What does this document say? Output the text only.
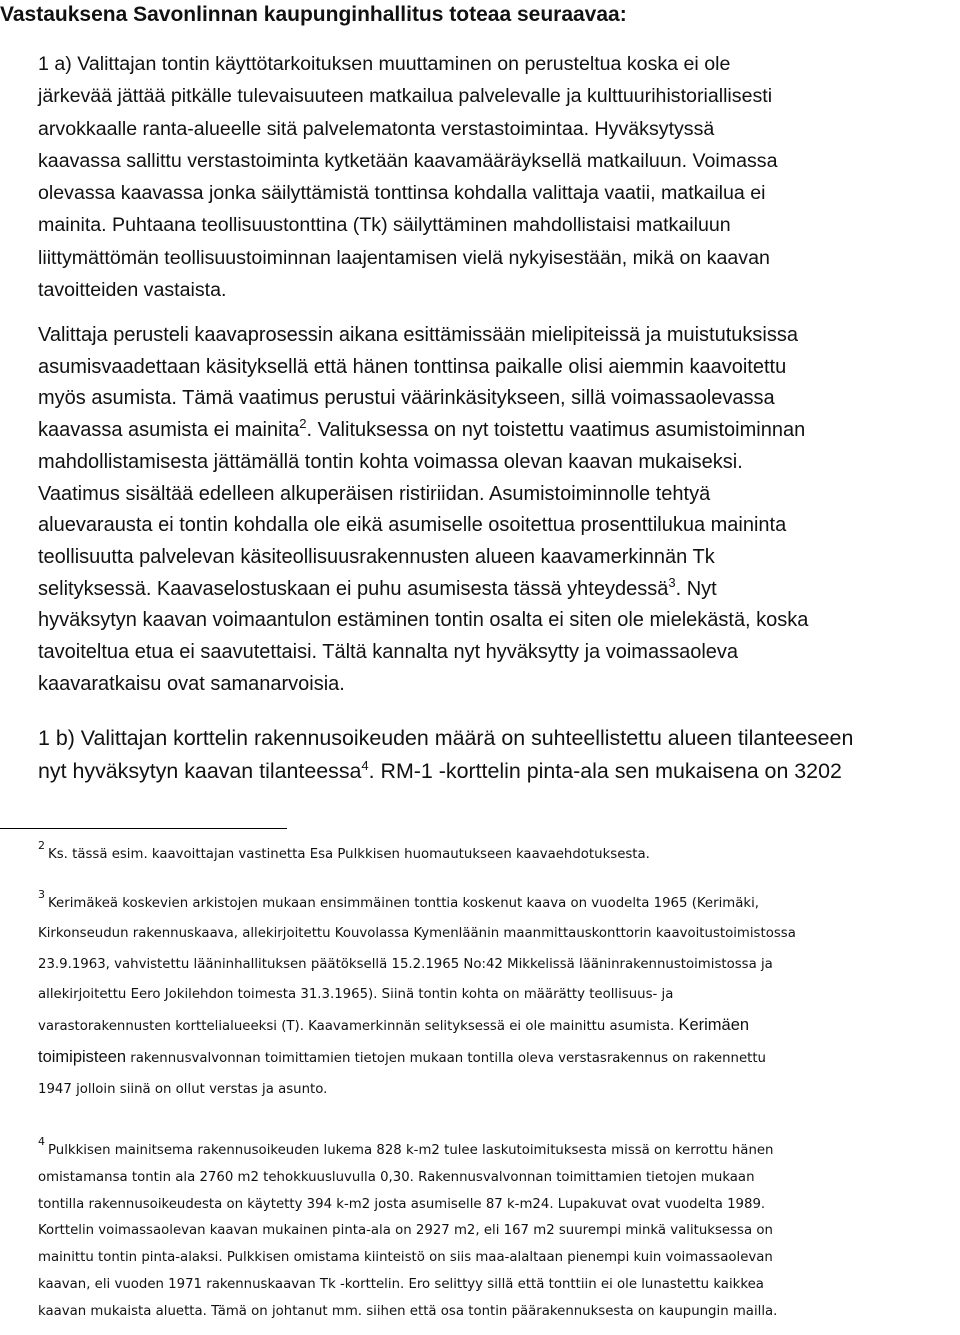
Vastauksena Savonlinnan kaupunginhallitus toteaa seuraavaa:
1 a) Valittajan tontin käyttötarkoituksen muuttaminen on perusteltua koska ei ole
järkevää jättää pitkälle tulevaisuuteen matkailua palvelevalle ja kulttuurihistoriallisesti
arvokkaalle ranta-alueelle sitä palvelematonta verstastoimintaa. Hyväksytyssä
kaavassa sallittu verstastoiminta kytketään kaavamääräyksellä matkailuun. Voimassa
olevassa kaavassa jonka säilyttämistä tonttinsa kohdalla valittaja vaatii, matkailua ei
mainita. Puhtaana teollisuustonttina (Tk) säilyttäminen mahdollistaisi matkailuun
liittymättömän teollisuustoiminnan laajentamisen vielä nykyisestään, mikä on kaavan
tavoitteiden vastaista.
Valittaja perusteli kaavaprosessin aikana esittämissään mielipiteissä ja muistutuksissa
asumisvaadettaan käsityksellä että hänen tonttinsa paikalle olisi aiemmin kaavoitettu
myös asumista. Tämä vaatimus perustui väärinkäsitykseen, sillä voimassaolevassa
kaavassa asumista ei mainita$^2$. Valituksessa on nyt toistettu vaatimus asumistoiminnan
mahdollistamisesta jättämällä tontin kohta voimassa olevan kaavan mukaiseksi.
Vaatimus sisältää edelleen alkuperäisen ristiriidan. Asumistoiminnolle tehtyä
aluevarausta ei tontin kohdalla ole eikä asumiselle osoitettua prosenttilukua maininta
teollisuutta palvelevan käsiteollisuusrakennusten alueen kaavamerkinnän Tk
selityksessä. Kaavaselostuskaan ei puhu asumisesta tässä yhteydessä$^3$. Nyt
hyväksytyn kaavan voimaantulon estäminen tontin osalta ei siten ole mielekästä, koska
tavoiteltua etua ei saavutettaisi. Tältä kannalta nyt hyväksytty ja voimassaoleva
kaavaratkaisu ovat samanarvoisia.
1 b) Valittajan korttelin rakennusoikeuden määrä on suhteellistettu alueen tilanteeseen
nyt hyväksytyn kaavan tilanteessa$^4$. RM-1 -korttelin pinta-ala sen mukaisena on 3202
$^2$Ks. tässä esim. kaavoittajan vastinetta Esa Pulkkisen huomautukseen kaavaehdotuksesta.
$^3$Kerimäkeä koskevien arkistojen mukaan ensimmäinen tonttia koskenut kaava on vuodelta 1965 (Kerimäki,
Kirkonseudun rakennuskaava, allekirjoitettu Kouvolassa Kymenläänin maanmittauskonttorin kaavoitustoimistossa
23.9.1963, vahvistettu lääninhallituksen päätöksellä 15.2.1965 No:42 Mikkelissä lääninrakennustoimistossa ja
allekirjoitettu Eero Jokilehdon toimesta 31.3.1965). Siinä tontin kohta on määrätty teollisuus- ja
varastorakennusten korttelialueeksi (T). Kaavamerkinnän selityksessä ei ole mainittu asumista. Kerimäen
toimipisteen rakennusvalvonnan toimittamien tietojen mukaan tontilla oleva verstasrakennus on rakennettu
1947 jolloin siinä on ollut verstas ja asunto.
$^4$Pulkkisen mainitsema rakennusoikeuden lukema 828 k-m2 tulee laskutoimituksesta missä on kerrottu hänen
omistamansa tontin ala 2760 m2 tehokkuusluvulla 0,30. Rakennusvalvonnan toimittamien tietojen mukaan
tontilla rakennusoikeudesta on käytetty 394 k-m2 josta asumiselle 87 k-m24. Lupakuvat ovat vuodelta 1989.
Korttelin voimassaolevan kaavan mukainen pinta-ala on 2927 m2, eli 167 m2 suurempi minkä valituksessa on
mainittu tontin pinta-alaksi. Pulkkisen omistama kiinteistö on siis maa-alaltaan pienempi kuin voimassaolevan
kaavan, eli vuoden 1971 rakennuskaavan Tk -korttelin. Ero selittyy sillä että tonttiin ei ole lunastettu kaikkea
kaavan mukaista aluetta. Tämä on johtanut mm. siihen että osa tontin päärakennuksesta on kaupungin mailla.
